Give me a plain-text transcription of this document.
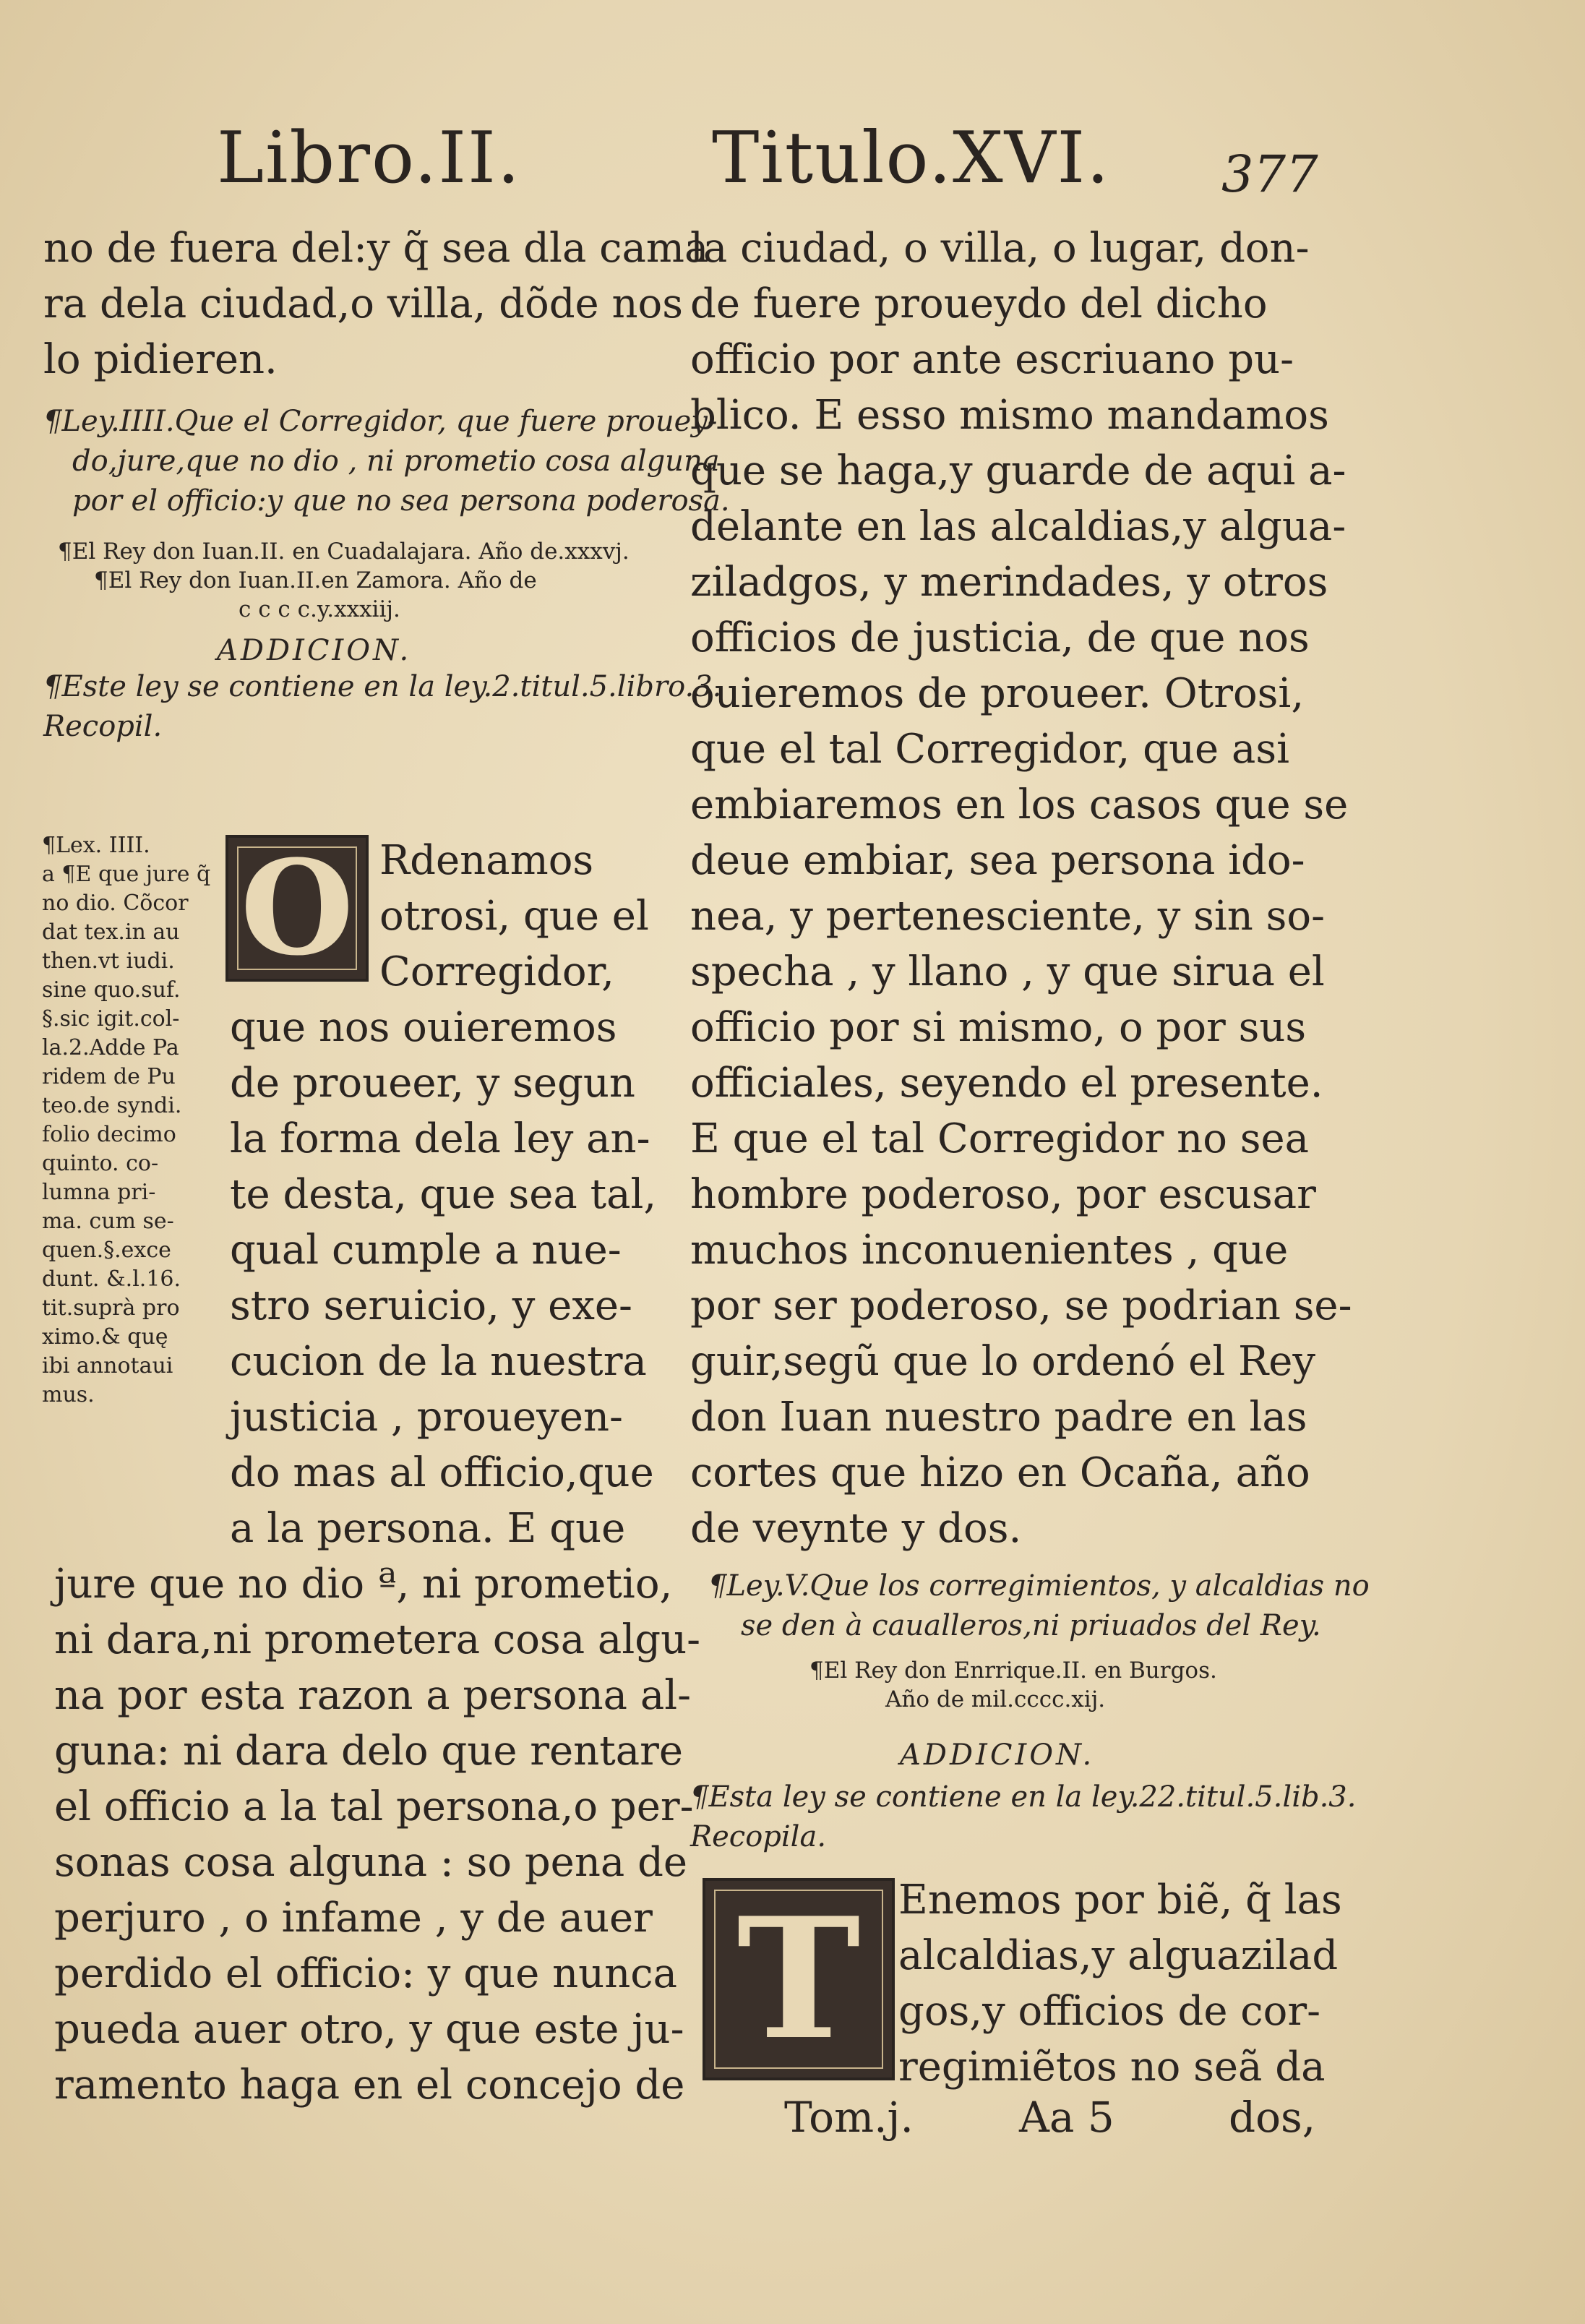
Libro.II.	Titulo.XVI. 377
no de fuera del:y q̃ sea dla cama
ra dela ciudad,o villa, dõde nos
lo pidieren.
¶Ley.IIII.Que el Corregidor, que fuere prouey-
do,jure,que no dio , ni prometio cosa alguna
por el officio:y que no sea persona poderosa.
¶El Rey don Iuan.II. en Cuadalajara. Año de.xxxvj.
¶El Rey don Iuan.II.en Zamora. Año de
c c c c.y.xxxiij.
ADDICION.
¶Este ley se contiene en la ley.2.titul.5.libro.3.
Recopil.
¶Lex. IIII.
a ¶E que jure q̃
no dio. Cõcor
dat tex.in au
then.vt iudi.
sine quo.suf.
§.sic igit.col-
la.2.Adde Pa
ridem de Pu
teo.de syndi.
folio decimo
quinto. co-
lumna pri-
ma. cum se-
quen.§.exce
dunt. &.l.16.
tit.suprà pro
ximo.& quę
ibi annotaui
mus.
O Rdenamos
otrosi, que el
Corregidor,
que nos ouieremos
de proueer, y segun
la forma dela ley an-
te desta, que sea tal,
qual cumple a nue-
stro seruicio, y exe-
cucion de la nuestra
justicia , proueyen-
do mas al officio,que
a la persona. E que
jure que no dio ª, ni prometio,
ni dara,ni prometera cosa algu-
na por esta razon a persona al-
guna: ni dara delo que rentare
el officio a la tal persona,o per-
sonas cosa alguna : so pena de
perjuro , o infame , y de auer
perdido el officio: y que nunca
pueda auer otro, y que este ju-
ramento haga en el concejo de
la ciudad, o villa, o lugar, don-
de fuere proueydo del dicho
officio por ante escriuano pu-
blico. E esso mismo mandamos
que se haga,y guarde de aqui a-
delante en las alcaldias,y algua-
ziladgos, y merindades, y otros
officios de justicia, de que nos
ouieremos de proueer. Otrosi,
que el tal Corregidor, que asi
embiaremos en los casos que se
deue embiar, sea persona ido-
nea, y pertenesciente, y sin so-
specha , y llano , y que sirua el
officio por si mismo, o por sus
officiales, seyendo el presente.
E que el tal Corregidor no sea
hombre poderoso, por escusar
muchos inconuenientes , que
por ser poderoso, se podrian se-
guir,segũ que lo ordenó el Rey
don Iuan nuestro padre en las
cortes que hizo en Ocaña, año
de veynte y dos.
¶Ley.V.Que los corregimientos, y alcaldias no
se den à caualleros,ni priuados del Rey.
¶El Rey don Enrrique.II. en Burgos.
Año de mil.cccc.xij.
ADDICION.
¶Esta ley se contiene en la ley.22.titul.5.lib.3.
Recopila.
T Enemos por biẽ, q̃ las
alcaldias,y alguazilad
gos,y officios de cor-
regimiẽtos no seã da
Tom.j.	Aa 5	dos,
